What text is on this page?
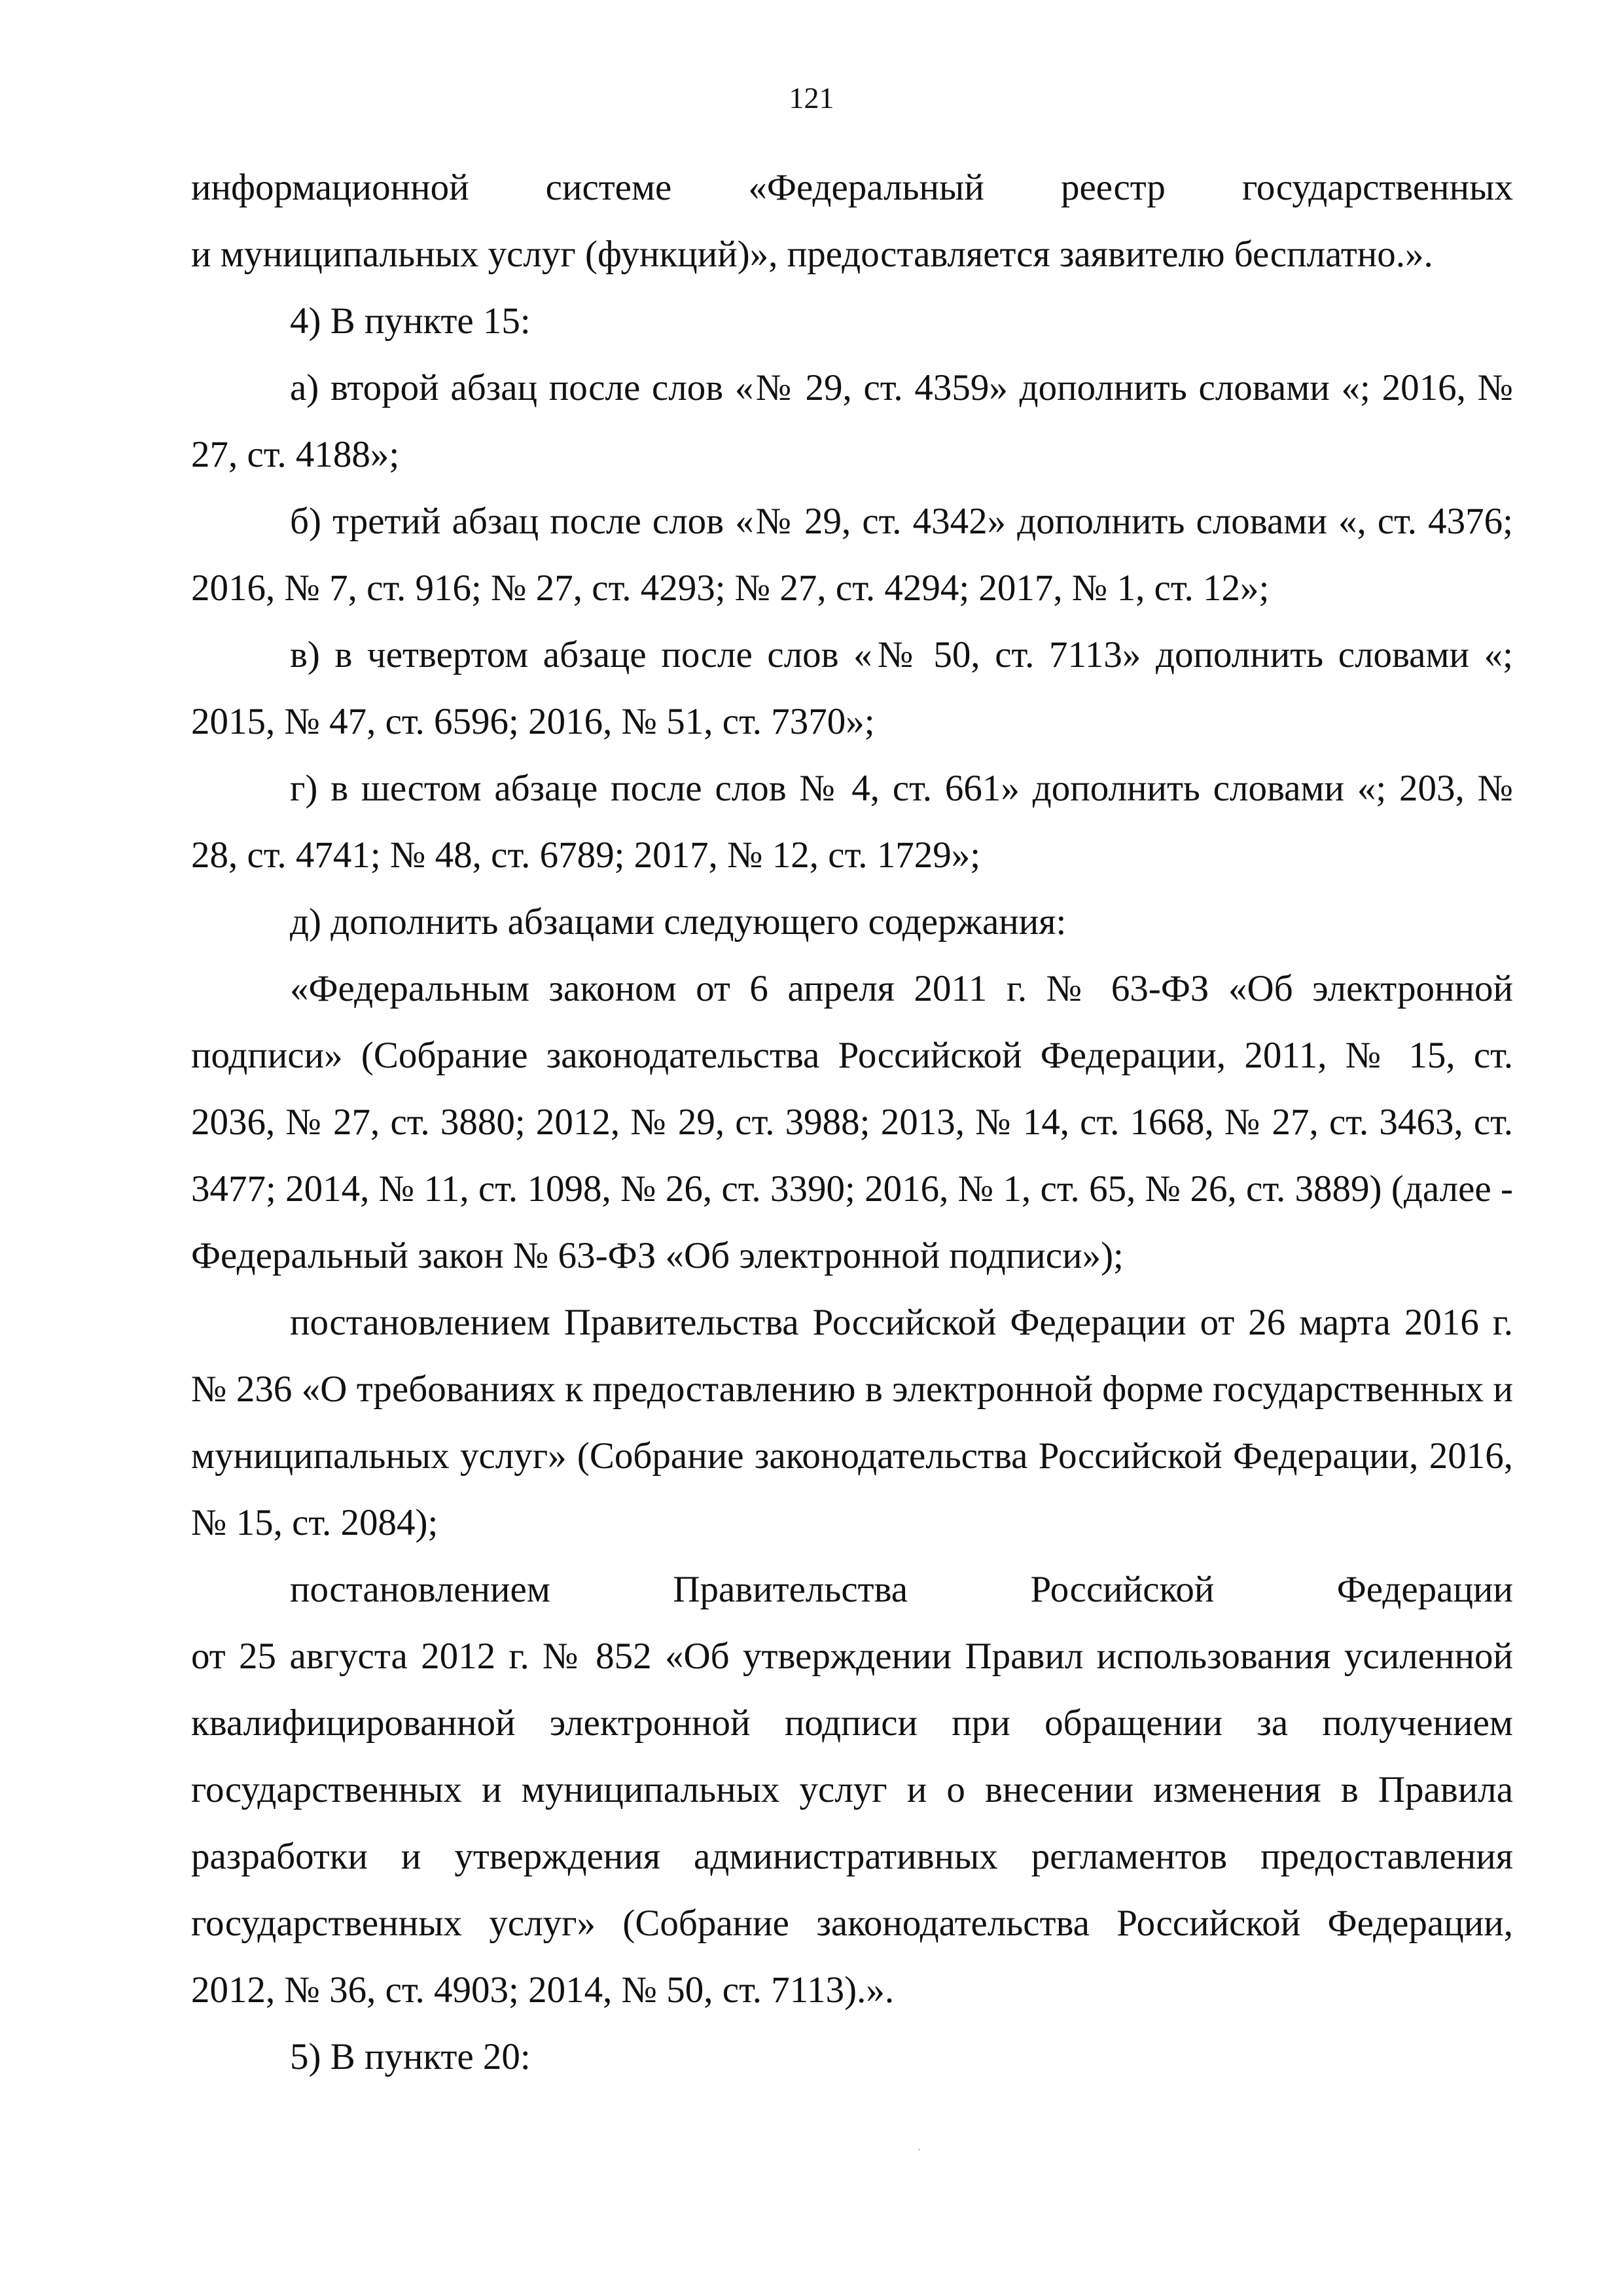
121
информационной системе «Федеральный реестр государственных
и муниципальных услуг (функций)», предоставляется заявителю бесплатно.».

4) В пункте 15:

а) второй абзац после слов «№ 29, ст. 4359» дополнить словами «; 2016, № 27, ст. 4188»;

б) третий абзац после слов «№ 29, ст. 4342» дополнить словами «, ст. 4376; 2016, № 7, ст. 916; № 27, ст. 4293; № 27, ст. 4294; 2017, № 1, ст. 12»;

в) в четвертом абзаце после слов «№ 50, ст. 7113» дополнить словами «; 2015, № 47, ст. 6596; 2016, № 51, ст. 7370»;

г) в шестом абзаце после слов № 4, ст. 661» дополнить словами «; 203, № 28, ст. 4741; № 48, ст. 6789; 2017, № 12, ст. 1729»;

д) дополнить абзацами следующего содержания:

«Федеральным законом от 6 апреля 2011 г. № 63-ФЗ «Об электронной подписи» (Собрание законодательства Российской Федерации, 2011, № 15, ст. 2036, № 27, ст. 3880; 2012, № 29, ст. 3988; 2013, № 14, ст. 1668, № 27, ст. 3463, ст. 3477; 2014, № 11, ст. 1098, № 26, ст. 3390; 2016, № 1, ст. 65, № 26, ст. 3889) (далее - Федеральный закон № 63-ФЗ «Об электронной подписи»);

постановлением Правительства Российской Федерации от 26 марта 2016 г. № 236 «О требованиях к предоставлению в электронной форме государственных и муниципальных услуг» (Собрание законодательства Российской Федерации, 2016, № 15, ст. 2084);

постановлением	Правительства	Российской	Федерации

от 25 августа 2012 г. № 852 «Об утверждении Правил использования усиленной квалифицированной электронной подписи при обращении за получением государственных и муниципальных услуг и о внесении изменения в Правила разработки и утверждения административных регламентов предоставления государственных услуг» (Собрание законодательства Российской Федерации, 2012, № 36, ст. 4903; 2014, № 50, ст. 7113).».

5) В пункте 20:
